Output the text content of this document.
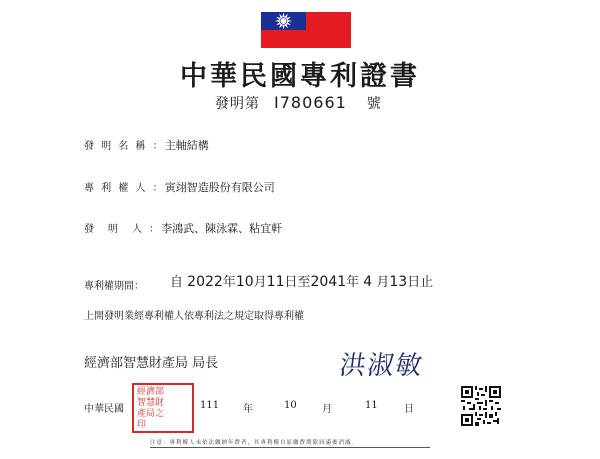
中華民國專利證書
發明第 I780661 號
發 明 名 稱 ：主軸結構
專 利 權 人 ：寅翊智造股份有限公司
發　明　人 ：李鴻武、陳泳霖、粘宜軒
專利權期間： 自 2022年10月11日至2041年 4 月13日止
上開發明業經專利權人依專利法之規定取得專利權
經濟部智慧財產局 局長	洪淑敏
經濟部
智慧財
產局之
印
中華民國	111 年	10	月	11	日
注意：專利權人未依法繳納年費者，其專利權自原繳費期限屆滿後消滅。
